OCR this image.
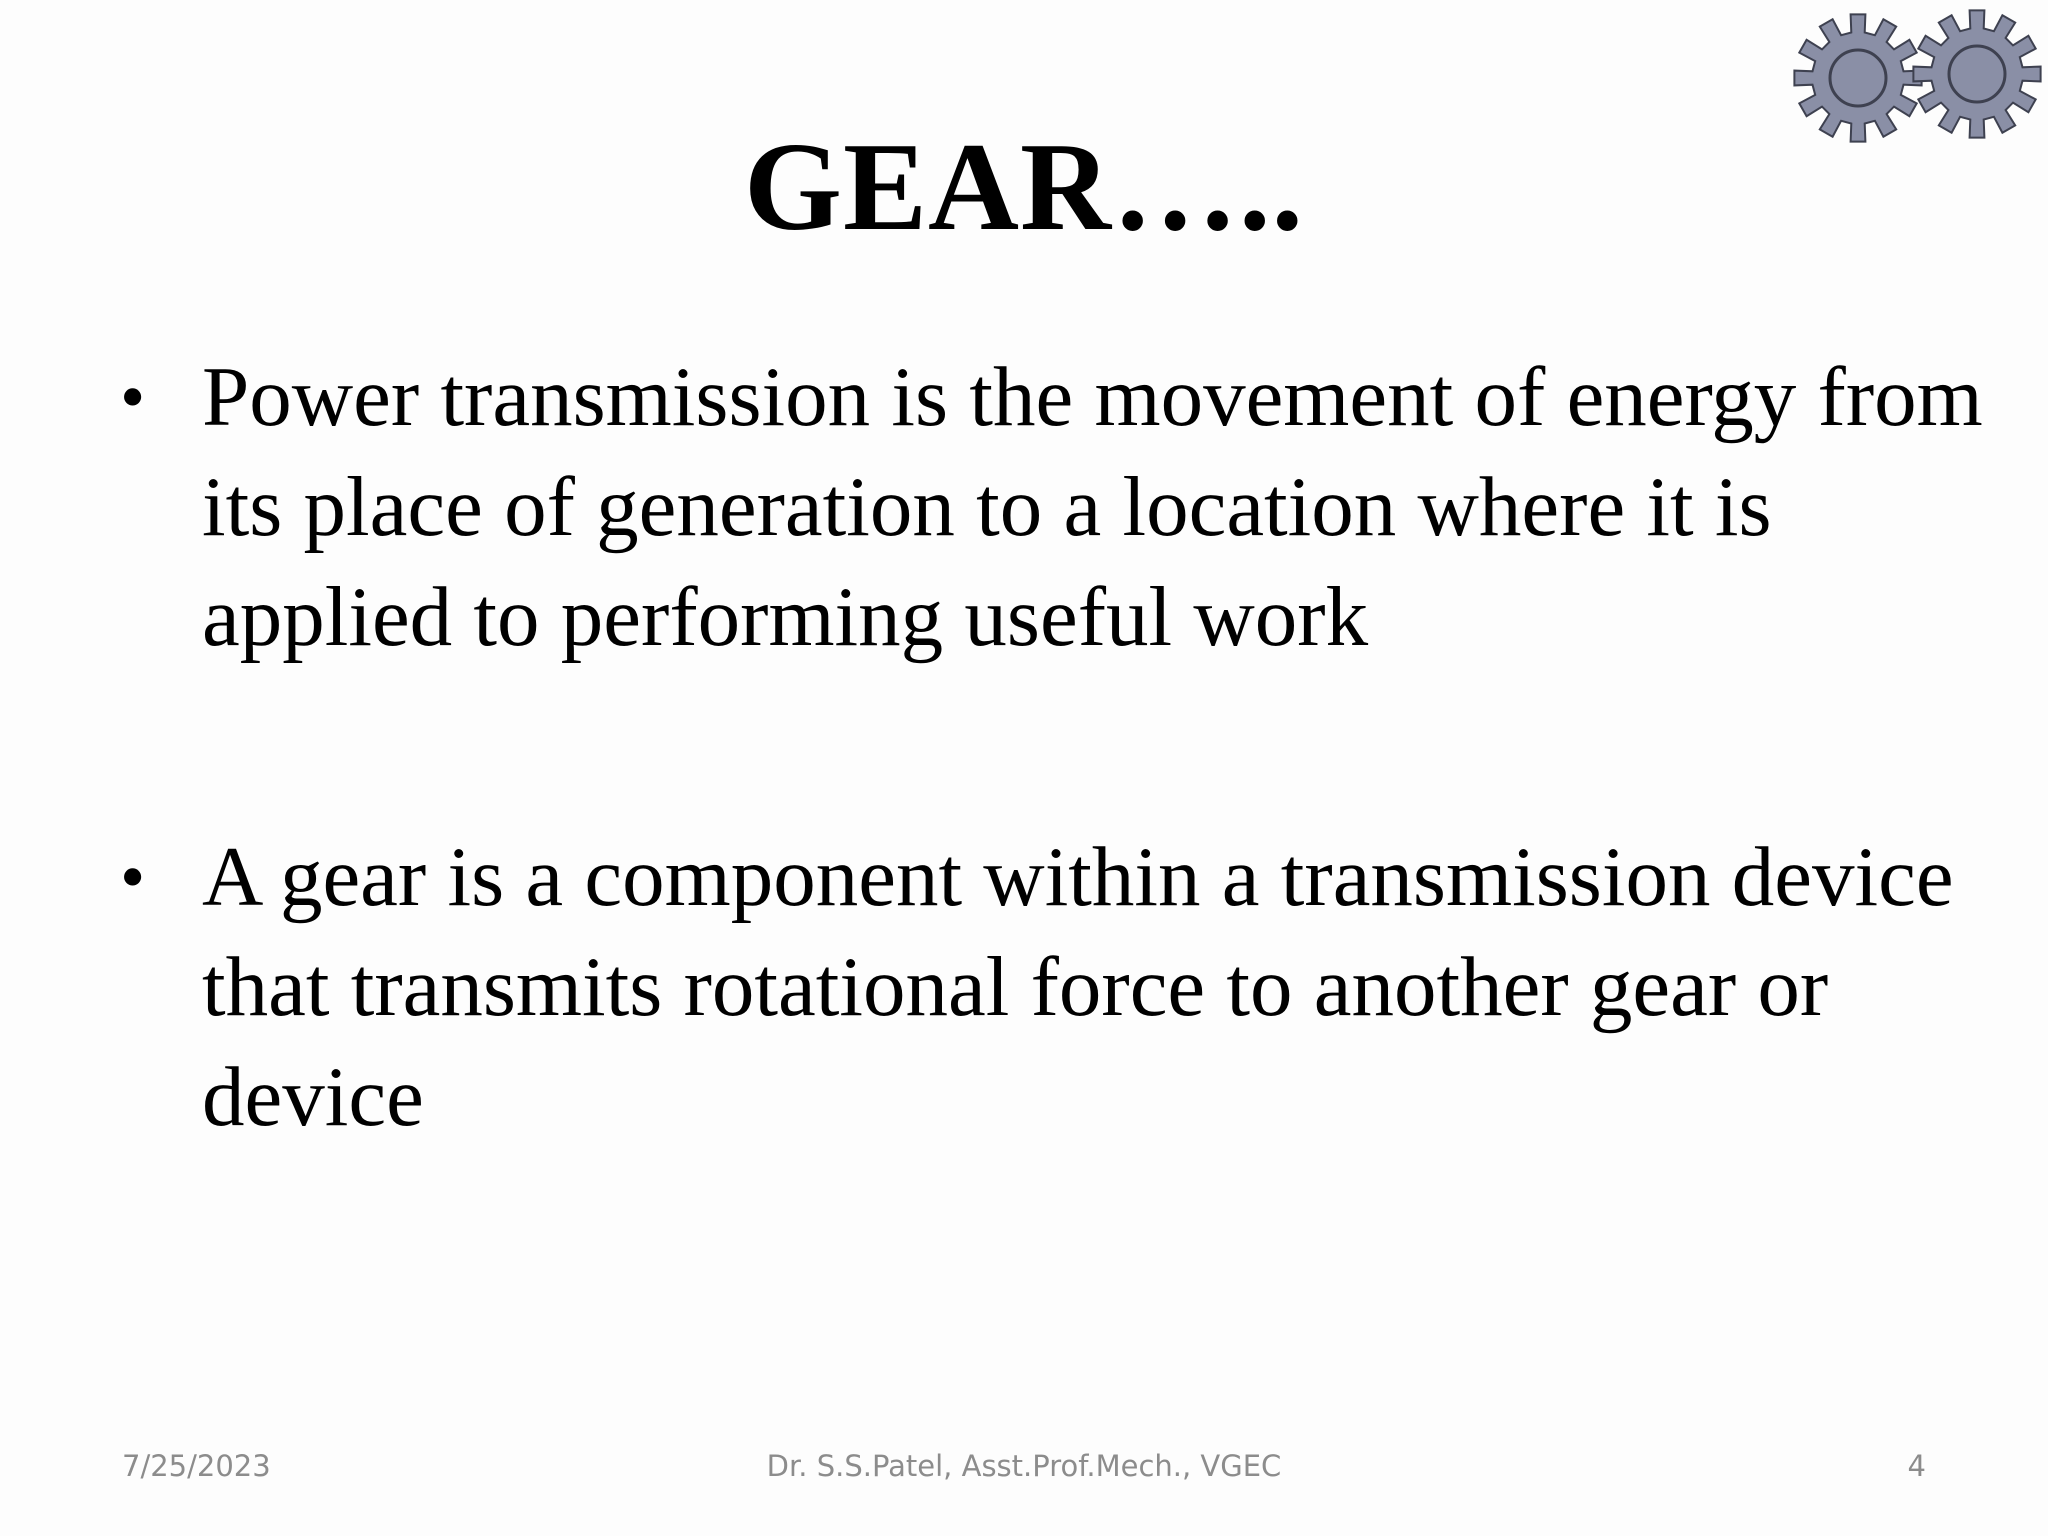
GEAR…..
• Power transmission is the movement of energy from its place of generation to a location where it is applied to performing useful work
• A gear is a component within a transmission device that transmits rotational force to another gear or device
7/25/2023	Dr. S.S.Patel, Asst.Prof.Mech., VGEC	4
